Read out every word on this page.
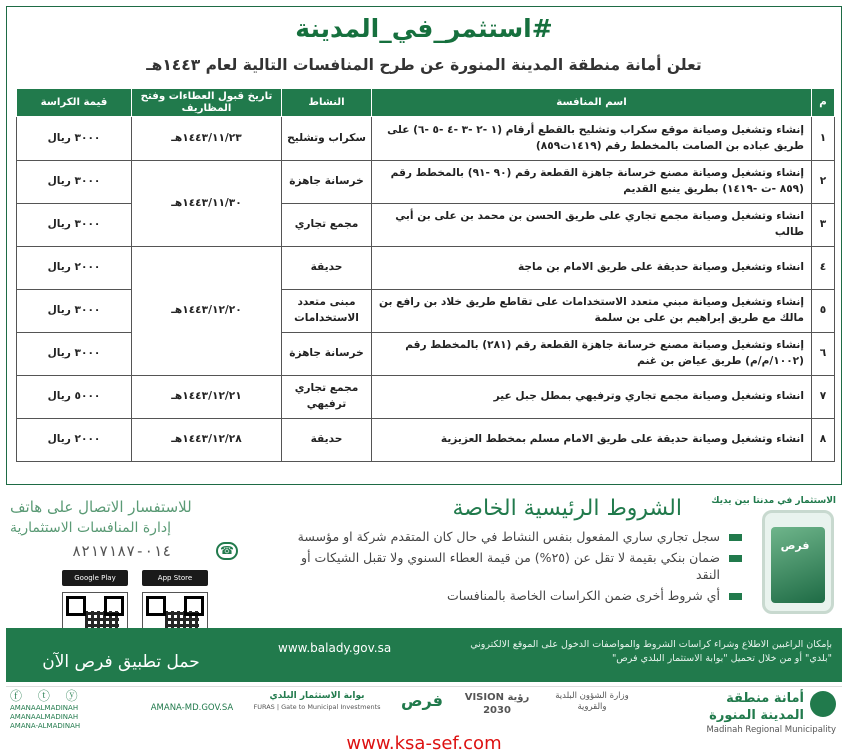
#استثمر_في_المدينة
تعلن أمانة منطقة المدينة المنورة عن طرح المنافسات التالية لعام ١٤٤٣هـ
م	اسم المنافسة	النشاط	تاريخ قبول العطاءات وفتح المظاريف	قيمة الكراسة
١	إنشاء وتشغيل وصيانة موقع سكراب وتشليح بالقطع أرقام (١ -٢ -٣ -٤ -٥ -٦) على طريق عباده بن الصامت بالمخطط رقم (١٤١٩ت٨٥٩)	سكراب وتشليح	١٤٤٣/١١/٢٣هـ	٣٠٠٠ ريال
٢	إنشاء وتشغيل وصيانة مصنع خرسانة جاهزة القطعة رقم (٩٠ -٩١) بالمخطط رقم (٨٥٩ -ت -١٤١٩) بطريق ينبع القديم	خرسانة جاهزة	١٤٤٣/١١/٣٠هـ	٣٠٠٠ ريال
٣	انشاء وتشغيل وصيانة مجمع تجاري على طريق الحسن بن محمد بن على بن أبي طالب	مجمع تجاري		٣٠٠٠ ريال
٤	انشاء وتشغيل وصيانة حديقة على طريق الامام بن ماجة	حديقة	١٤٤٣/١٢/٢٠هـ	٢٠٠٠ ريال
٥	إنشاء وتشغيل وصيانة مبني متعدد الاستخدامات على تقاطع طريق خلاد بن رافع بن مالك مع طريق إبراهيم بن على بن سلمة	مبنى متعدد الاستخدامات		٣٠٠٠ ريال
٦	إنشاء وتشغيل وصيانة مصنع خرسانة جاهزة القطعة رقم (٢٨١) بالمخطط رقم (١٠٠٢/م/م) طريق عياض بن غنم	خرسانة جاهزة		٣٠٠٠ ريال
٧	انشاء وتشغيل وصيانة مجمع تجاري وترفيهي بمطل جبل عير	مجمع تجاري ترفيهي	١٤٤٣/١٢/٢١هـ	٥٠٠٠ ريال
٨	انشاء وتشغيل وصيانة حديقة على طريق الامام مسلم بمخطط العزيزية	حديقة	١٤٤٣/١٢/٢٨هـ	٢٠٠٠ ريال
الاستثمار في مدنتا بين يديك
فرص
الشروط الرئيسية الخاصة
سجل تجاري ساري المفعول بنفس النشاط في حال كان المتقدم شركة او مؤسسة
ضمان بنكي بقيمة لا تقل عن (٢٥%) من قيمة العطاء السنوي ولا تقبل الشيكات أو النقد
أي شروط أخرى ضمن الكراسات الخاصة بالمنافسات
للاستفسار الاتصال على هاتف
إدارة المنافسات الاستثمارية
٠١٤-٨٢١٧١٨٧	☎
Google Play	App Store
بإمكان الراغبين الاطلاع وشراء كراسات الشروط والمواصفات الدخول على الموقع الالكتروني "بلدي" أو من خلال تحميل "بوابة الاستثمار البلدي فرص"
www.balady.gov.sa
حمل تطبيق فرص الآن
أمانة منطقة المدينة المنورة
Madinah Regional Municipality
وزارة الشؤون البلدية والقروية
رؤية VISION 2030
فرص
بوابة الاستثمار البلدي
FURAS | Gate to Municipal Investments
AMANA-MD.GOV.SA
ⓕ ⓣ ⓨ
AMANAALMADINAH
AMANAALMADINAH
AMANA-ALMADINAH
www.ksa-sef.com
